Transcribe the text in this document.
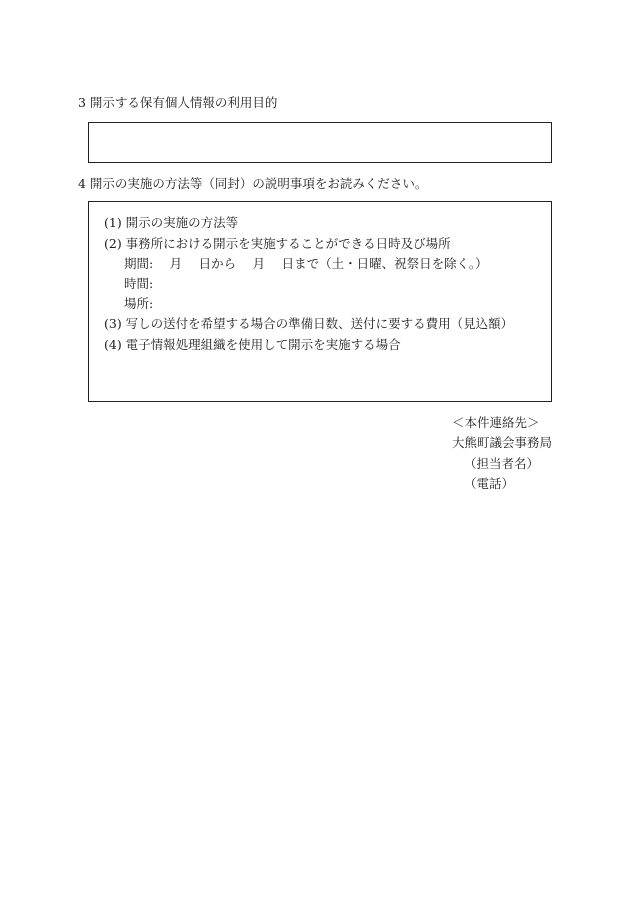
3 開示する保有個人情報の利用目的
4 開示の実施の方法等（同封）の説明事項をお読みください。
(1) 開示の実施の方法等
(2) 事務所における開示を実施することができる日時及び場所
期間:　 月　 日から　 月　 日まで（土・日曜、祝祭日を除く。）
時間:
場所:
(3) 写しの送付を希望する場合の準備日数、送付に要する費用（見込額）
(4) 電子情報処理組織を使用して開示を実施する場合
＜本件連絡先＞
大熊町議会事務局
（担当者名）
（電話）
